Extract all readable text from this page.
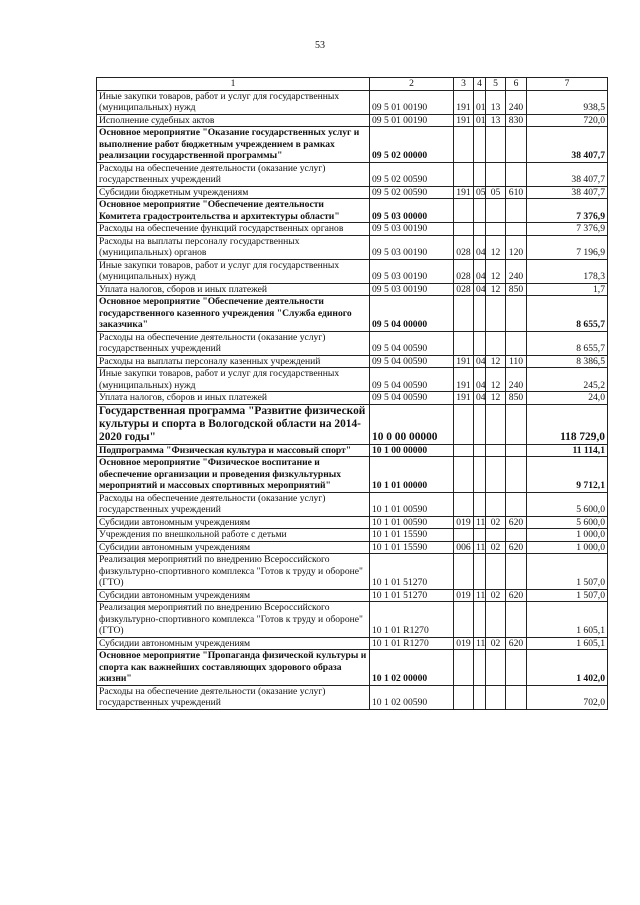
53
1	2	3	4	5	6	7
Иные закупки товаров, работ и услуг для государственных (муниципальных) нужд	09 5 01 00190	191	01	13	240	938,5
Исполнение судебных актов	09 5 01 00190	191	01	13	830	720,0
Основное мероприятие "Оказание государственных услуг и выполнение работ бюджетным учреждением в рамках реализации государственной программы"	09 5 02 00000					38 407,7
Расходы на обеспечение деятельности (оказание услуг) государственных учреждений	09 5 02 00590					38 407,7
Субсидии бюджетным учреждениям	09 5 02 00590	191	05	05	610	38 407,7
Основное мероприятие "Обеспечение деятельности Комитета градостроительства и архитектуры области"	09 5 03 00000					7 376,9
Расходы на обеспечение функций государственных органов	09 5 03 00190					7 376,9
Расходы на выплаты персоналу государственных (муниципальных) органов	09 5 03 00190	028	04	12	120	7 196,9
Иные закупки товаров, работ и услуг для государственных (муниципальных) нужд	09 5 03 00190	028	04	12	240	178,3
Уплата налогов, сборов и иных платежей	09 5 03 00190	028	04	12	850	1,7
Основное мероприятие "Обеспечение деятельности государственного казенного учреждения "Служба единого заказчика"	09 5 04 00000					8 655,7
Расходы на обеспечение деятельности (оказание услуг) государственных учреждений	09 5 04 00590					8 655,7
Расходы на выплаты персоналу казенных учреждений	09 5 04 00590	191	04	12	110	8 386,5
Иные закупки товаров, работ и услуг для государственных (муниципальных) нужд	09 5 04 00590	191	04	12	240	245,2
Уплата налогов, сборов и иных платежей	09 5 04 00590	191	04	12	850	24,0
Государственная программа "Развитие физической культуры и спорта в Вологодской области на 2014-2020 годы"	10 0 00 00000					118 729,0
Подпрограмма "Физическая культура и массовый спорт"	10 1 00 00000					11 114,1
Основное мероприятие "Физическое воспитание и обеспечение организации и проведения физкультурных мероприятий и массовых спортивных мероприятий"	10 1 01 00000					9 712,1
Расходы на обеспечение деятельности (оказание услуг) государственных учреждений	10 1 01 00590					5 600,0
Субсидии автономным учреждениям	10 1 01 00590	019	11	02	620	5 600,0
Учреждения по внешкольной работе с детьми	10 1 01 15590					1 000,0
Субсидии автономным учреждениям	10 1 01 15590	006	11	02	620	1 000,0
Реализация мероприятий по внедрению Всероссийского физкультурно-спортивного комплекса "Готов к труду и обороне" (ГТО)	10 1 01 51270					1 507,0
Субсидии автономным учреждениям	10 1 01 51270	019	11	02	620	1 507,0
Реализация мероприятий по внедрению Всероссийского физкультурно-спортивного комплекса "Готов к труду и обороне" (ГТО)	10 1 01 R1270					1 605,1
Субсидии автономным учреждениям	10 1 01 R1270	019	11	02	620	1 605,1
Основное мероприятие "Пропаганда физической культуры и спорта как важнейших составляющих здорового образа жизни"	10 1 02 00000					1 402,0
Расходы на обеспечение деятельности (оказание услуг) государственных учреждений	10 1 02 00590					702,0
